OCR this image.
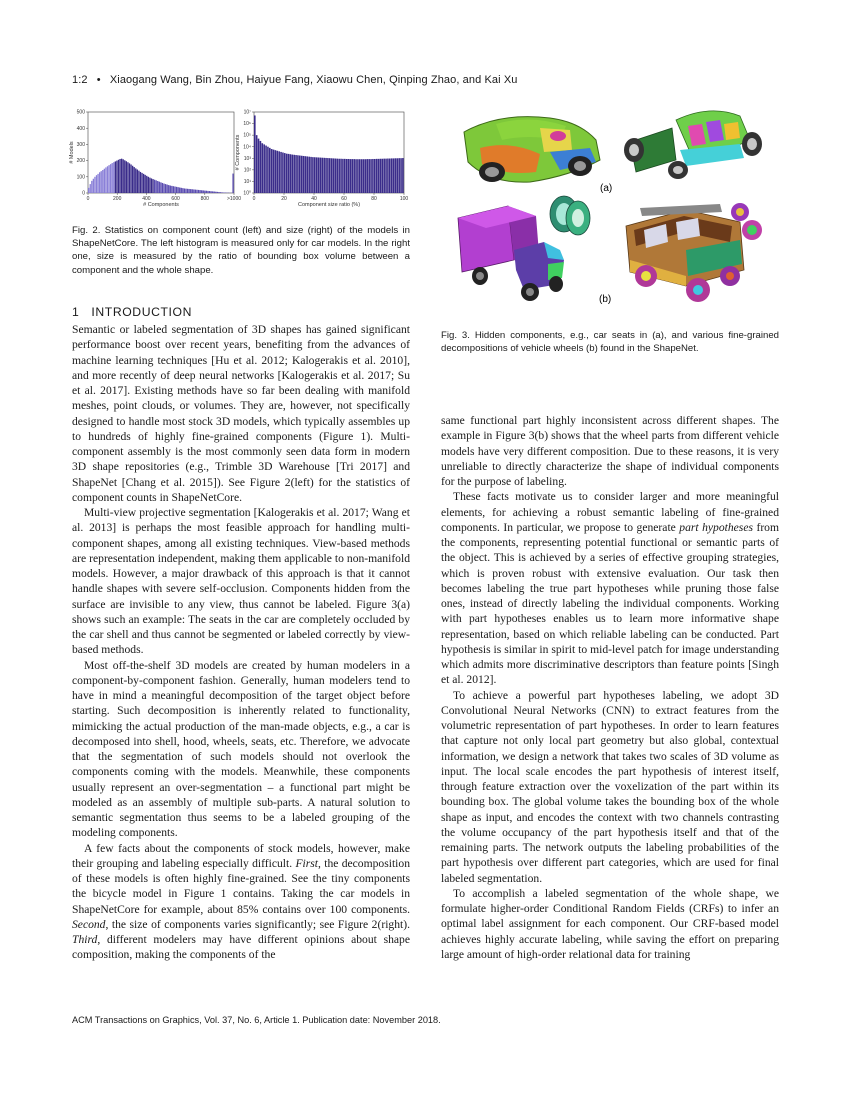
1:2 • Xiaogang Wang, Bin Zhou, Haiyue Fang, Xiaowu Chen, Qinping Zhao, and Kai Xu
0
100
200
300
400
500
0	200	400	600	800	>1000
# Components
# Models
10⁰
10¹
10²
10³
10⁴
10⁵
10⁶
10⁷
0	20	40	60	80	100
Component size ratio (%)
# Components
Fig. 2. Statistics on component count (left) and size (right) of the models in ShapeNetCore. The left histogram is measured only for car models. In the right one, size is measured by the ratio of bounding box volume between a component and the whole shape.
(a)
(b)
Fig. 3. Hidden components, e.g., car seats in (a), and various fine-grained decompositions of vehicle wheels (b) found in the ShapeNet.
1 INTRODUCTION

Semantic or labeled segmentation of 3D shapes has gained significant performance boost over recent years, benefiting from the advances of machine learning techniques [Hu et al. 2012; Kalogerakis et al. 2010], and more recently of deep neural networks [Kalogerakis et al. 2017; Su et al. 2017]. Existing methods have so far been dealing with manifold meshes, point clouds, or volumes. They are, however, not specifically designed to handle most stock 3D models, which typically assembles up to hundreds of highly fine-grained components (Figure 1). Multi-component assembly is the most commonly seen data form in modern 3D shape repositories (e.g., Trimble 3D Warehouse [Tri 2017] and ShapeNet [Chang et al. 2015]). See Figure 2(left) for the statistics of component counts in ShapeNetCore.

Multi-view projective segmentation [Kalogerakis et al. 2017; Wang et al. 2013] is perhaps the most feasible approach for handling multi-component shapes, among all existing techniques. View-based methods are representation independent, making them applicable to non-manifold models. However, a major drawback of this approach is that it cannot handle shapes with severe self-occlusion. Components hidden from the surface are invisible to any view, thus cannot be labeled. Figure 3(a) shows such an example: The seats in the car are completely occluded by the car shell and thus cannot be segmented or labeled correctly by view-based methods.

Most off-the-shelf 3D models are created by human modelers in a component-by-component fashion. Generally, human modelers tend to have in mind a meaningful decomposition of the target object before starting. Such decomposition is inherently related to functionality, mimicking the actual production of the man-made objects, e.g., a car is decomposed into shell, hood, wheels, seats, etc. Therefore, we advocate that the segmentation of such models should not overlook the components coming with the models. Meanwhile, these components usually represent an over-segmentation – a functional part might be modeled as an assembly of multiple sub-parts. A natural solution to semantic segmentation thus seems to be a labeled grouping of the modeling components.

A few facts about the components of stock models, however, make their grouping and labeling especially difficult. First, the decomposition of these models is often highly fine-grained. See the tiny components the bicycle model in Figure 1 contains. Taking the car models in ShapeNetCore for example, about 85% contains over 100 components. Second, the size of components varies significantly; see Figure 2(right). Third, different modelers may have different opinions about shape composition, making the components of the

same functional part highly inconsistent across different shapes. The example in Figure 3(b) shows that the wheel parts from different vehicle models have very different composition. Due to these reasons, it is very unreliable to directly characterize the shape of individual components for the purpose of labeling.

These facts motivate us to consider larger and more meaningful elements, for achieving a robust semantic labeling of fine-grained components. In particular, we propose to generate part hypotheses from the components, representing potential functional or semantic parts of the object. This is achieved by a series of effective grouping strategies, which is proven robust with extensive evaluation. Our task then becomes labeling the true part hypotheses while pruning those false ones, instead of directly labeling the individual components. Working with part hypotheses enables us to learn more informative shape representation, based on which reliable labeling can be conducted. Part hypothesis is similar in spirit to mid-level patch for image understanding which admits more discriminative descriptors than feature points [Singh et al. 2012].

To achieve a powerful part hypotheses labeling, we adopt 3D Convolutional Neural Networks (CNN) to extract features from the volumetric representation of part hypotheses. In order to learn features that capture not only local part geometry but also global, contextual information, we design a network that takes two scales of 3D volume as input. The local scale encodes the part hypothesis of interest itself, through feature extraction over the voxelization of the part within its bounding box. The global volume takes the bounding box of the whole shape as input, and encodes the context with two channels contrasting the volume occupancy of the part hypothesis itself and that of the remaining parts. The network outputs the labeling probabilities of the part hypothesis over different part categories, which are used for final labeled segmentation.

To accomplish a labeled segmentation of the whole shape, we formulate higher-order Conditional Random Fields (CRFs) to infer an optimal label assignment for each component. Our CRF-based model achieves highly accurate labeling, while saving the effort on preparing large amount of high-order relational data for training

ACM Transactions on Graphics, Vol. 37, No. 6, Article 1. Publication date: November 2018.
